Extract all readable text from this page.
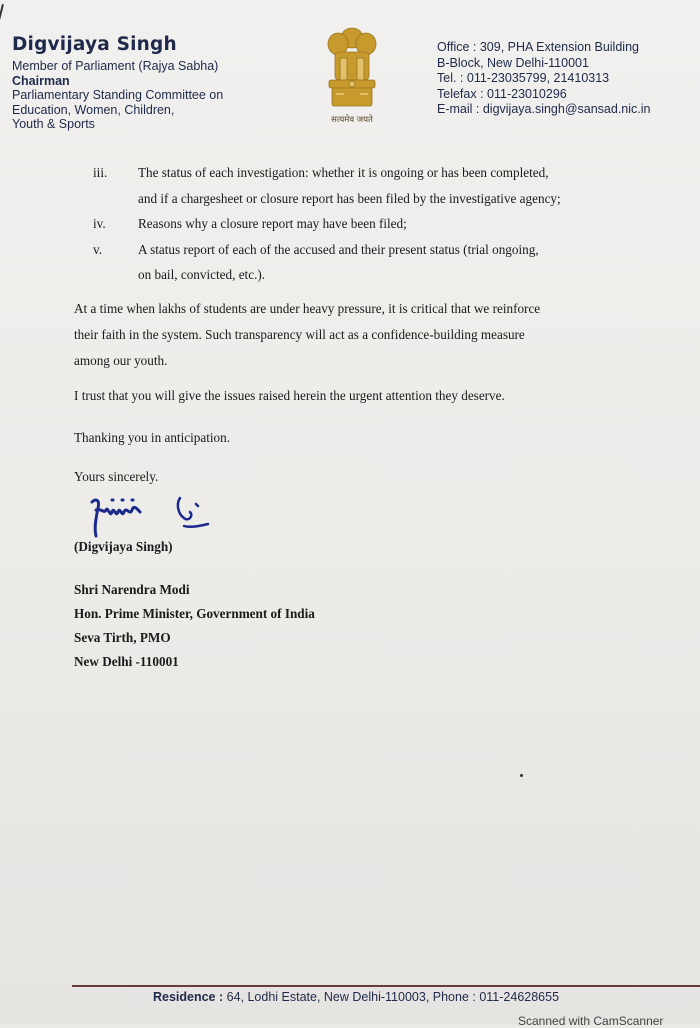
Digvijaya Singh
Member of Parliament (Rajya Sabha)
Chairman
Parliamentary Standing Committee on
Education, Women, Children,
Youth & Sports	सत्यमेव जयते
Office : 309, PHA Extension Building
B-Block, New Delhi-110001
Tel. : 011-23035799, 21410313
Telefax : 011-23010296
E-mail : digvijaya.singh@sansad.nic.in
iii. The status of each investigation: whether it is ongoing or has been completed,
and if a chargesheet or closure report has been filed by the investigative agency;
iv. Reasons why a closure report may have been filed;
v.	A status report of each of the accused and their present status (trial ongoing,
on bail, convicted, etc.).
At a time when lakhs of students are under heavy pressure, it is critical that we reinforce
their faith in the system. Such transparency will act as a confidence-building measure
among our youth.
I trust that you will give the issues raised herein the urgent attention they deserve.
Thanking you in anticipation.
Yours sincerely.
(Digvijaya Singh)
Shri Narendra Modi
Hon. Prime Minister, Government of India
Seva Tirth, PMO
New Delhi -110001
Residence : 64, Lodhi Estate, New Delhi-110003, Phone : 011-24628655
Scanned with CamScanner
